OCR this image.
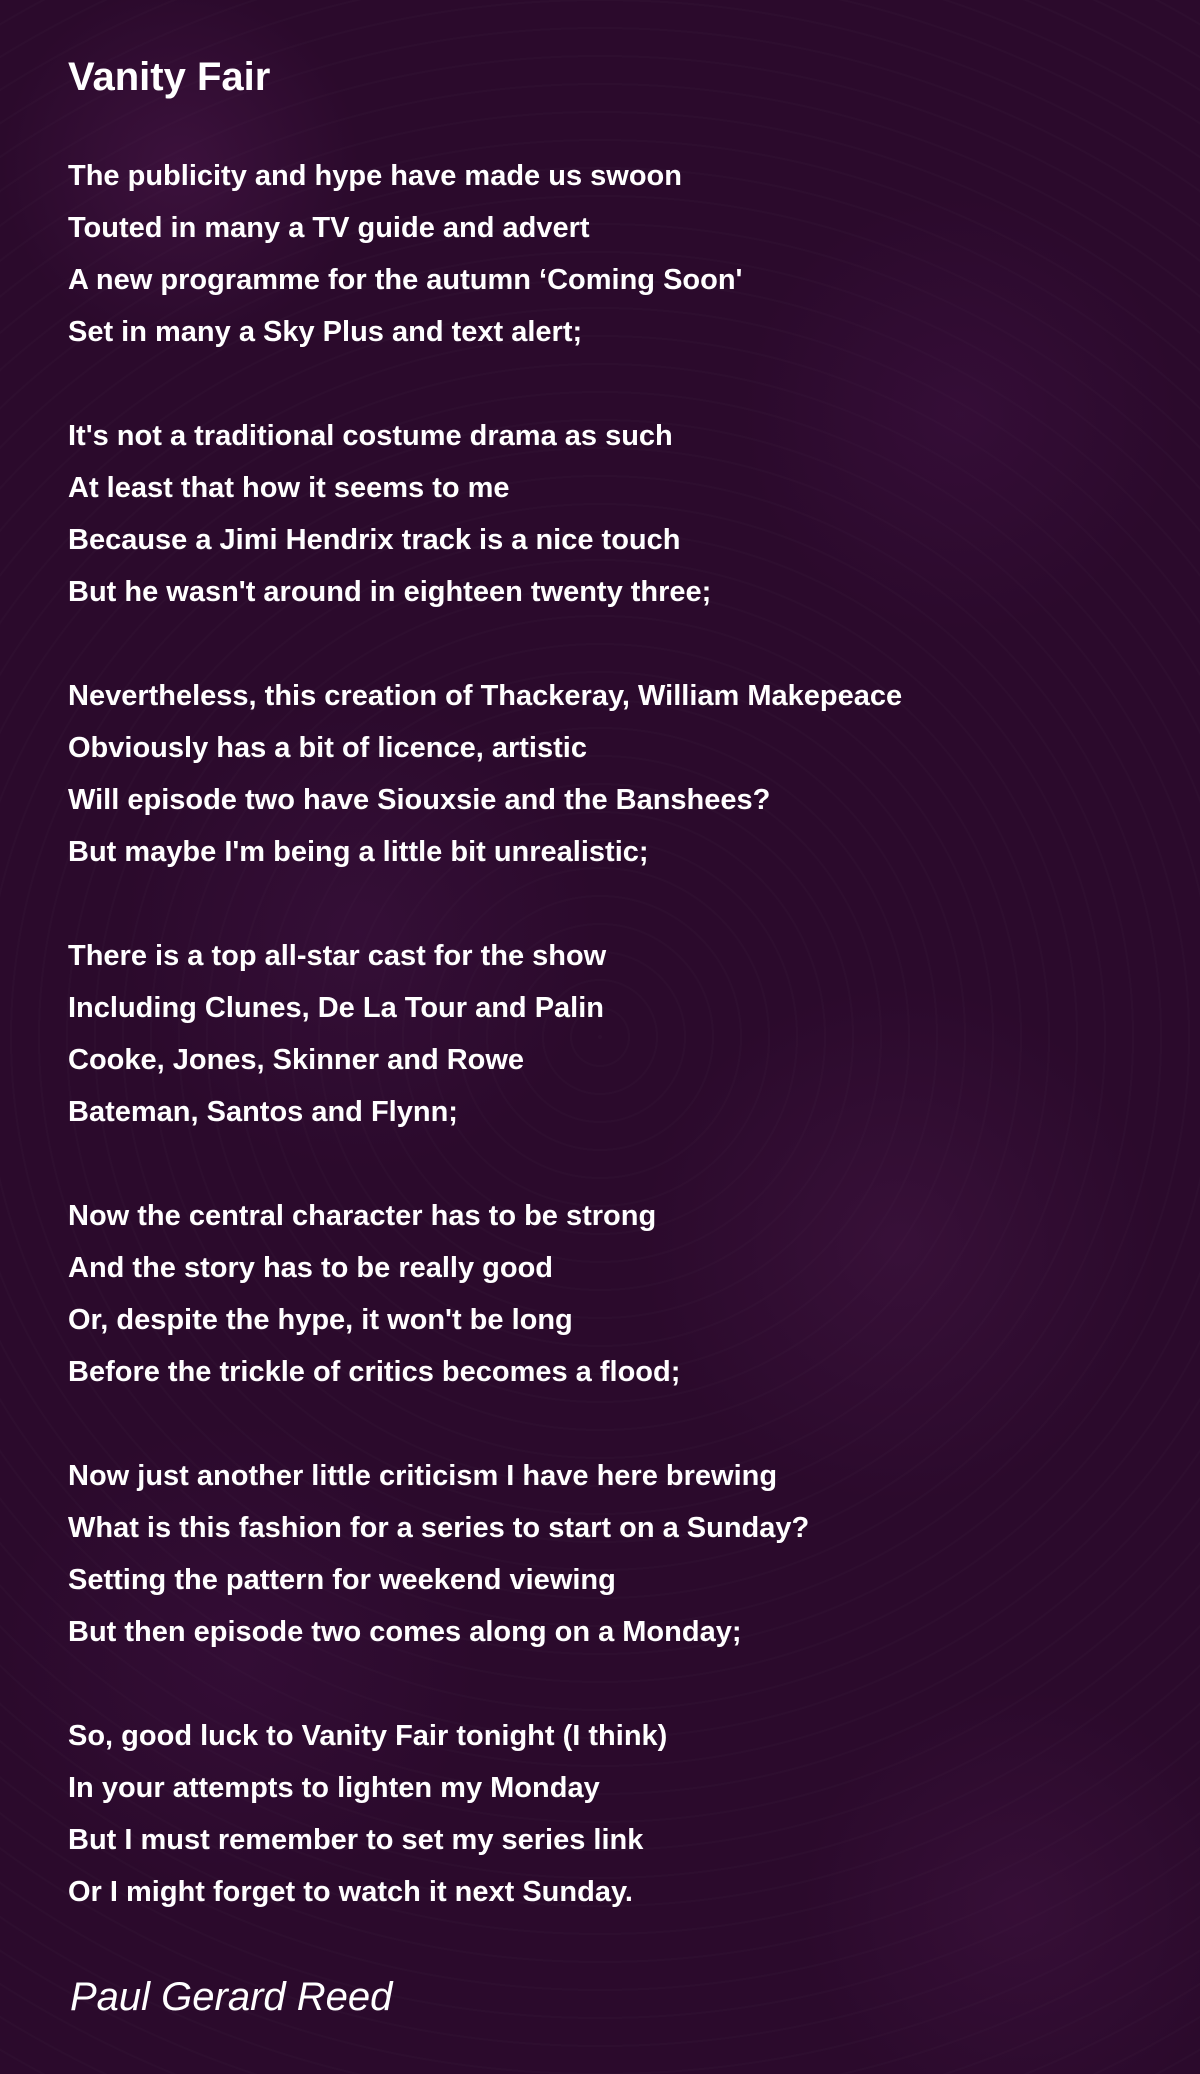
Vanity Fair
The publicity and hype have made us swoon
Touted in many a TV guide and advert
A new programme for the autumn ‘Coming Soon'
Set in many a Sky Plus and text alert;
It's not a traditional costume drama as such
At least that how it seems to me
Because a Jimi Hendrix track is a nice touch
But he wasn't around in eighteen twenty three;
Nevertheless, this creation of Thackeray, William Makepeace
Obviously has a bit of licence, artistic
Will episode two have Siouxsie and the Banshees?
But maybe I'm being a little bit unrealistic;
There is a top all-star cast for the show
Including Clunes, De La Tour and Palin
Cooke, Jones, Skinner and Rowe
Bateman, Santos and Flynn;
Now the central character has to be strong
And the story has to be really good
Or, despite the hype, it won't be long
Before the trickle of critics becomes a flood;
Now just another little criticism I have here brewing
What is this fashion for a series to start on a Sunday?
Setting the pattern for weekend viewing
But then episode two comes along on a Monday;
So, good luck to Vanity Fair tonight (I think)
In your attempts to lighten my Monday
But I must remember to set my series link
Or I might forget to watch it next Sunday.
Paul Gerard Reed
